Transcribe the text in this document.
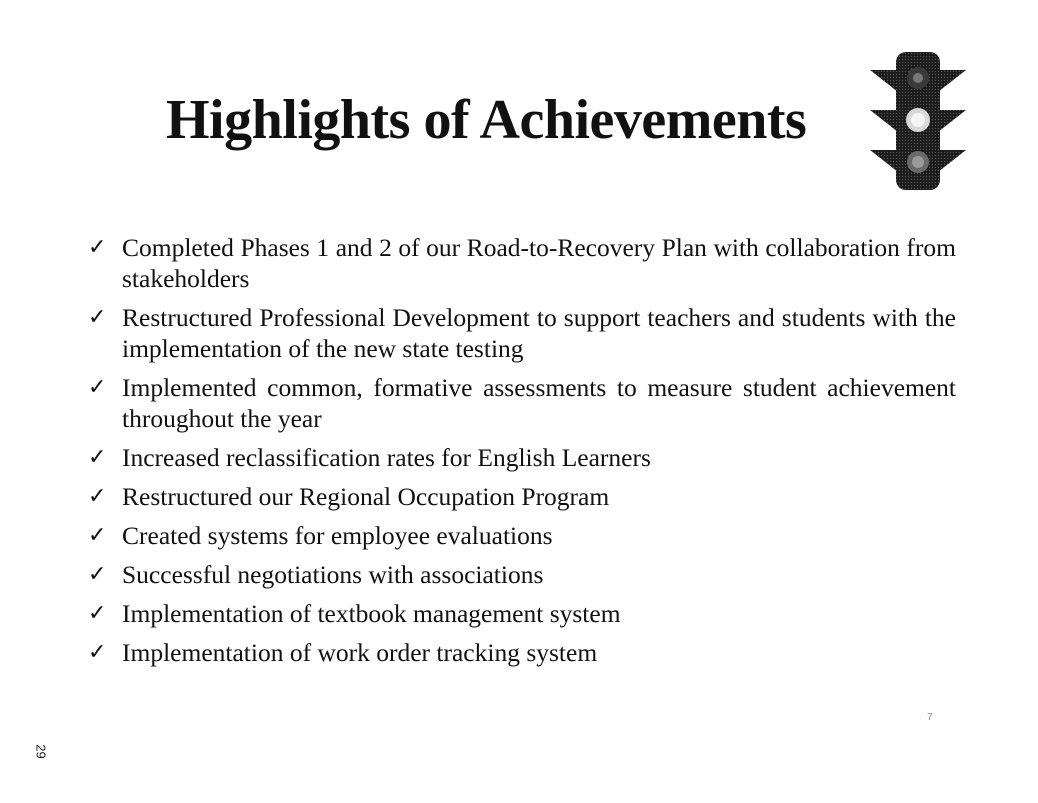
Highlights of Achievements
✓ Completed Phases 1 and 2 of our Road-to-Recovery Plan with collaboration from stakeholders
✓ Restructured Professional Development to support teachers and students with the implementation of the new state testing
✓ Implemented common, formative assessments to measure student achievement throughout the year
✓ Increased reclassification rates for English Learners
✓ Restructured our Regional Occupation Program
✓ Created systems for employee evaluations
✓ Successful negotiations with associations
✓ Implementation of textbook management system
✓ Implementation of work order tracking system
7
29
